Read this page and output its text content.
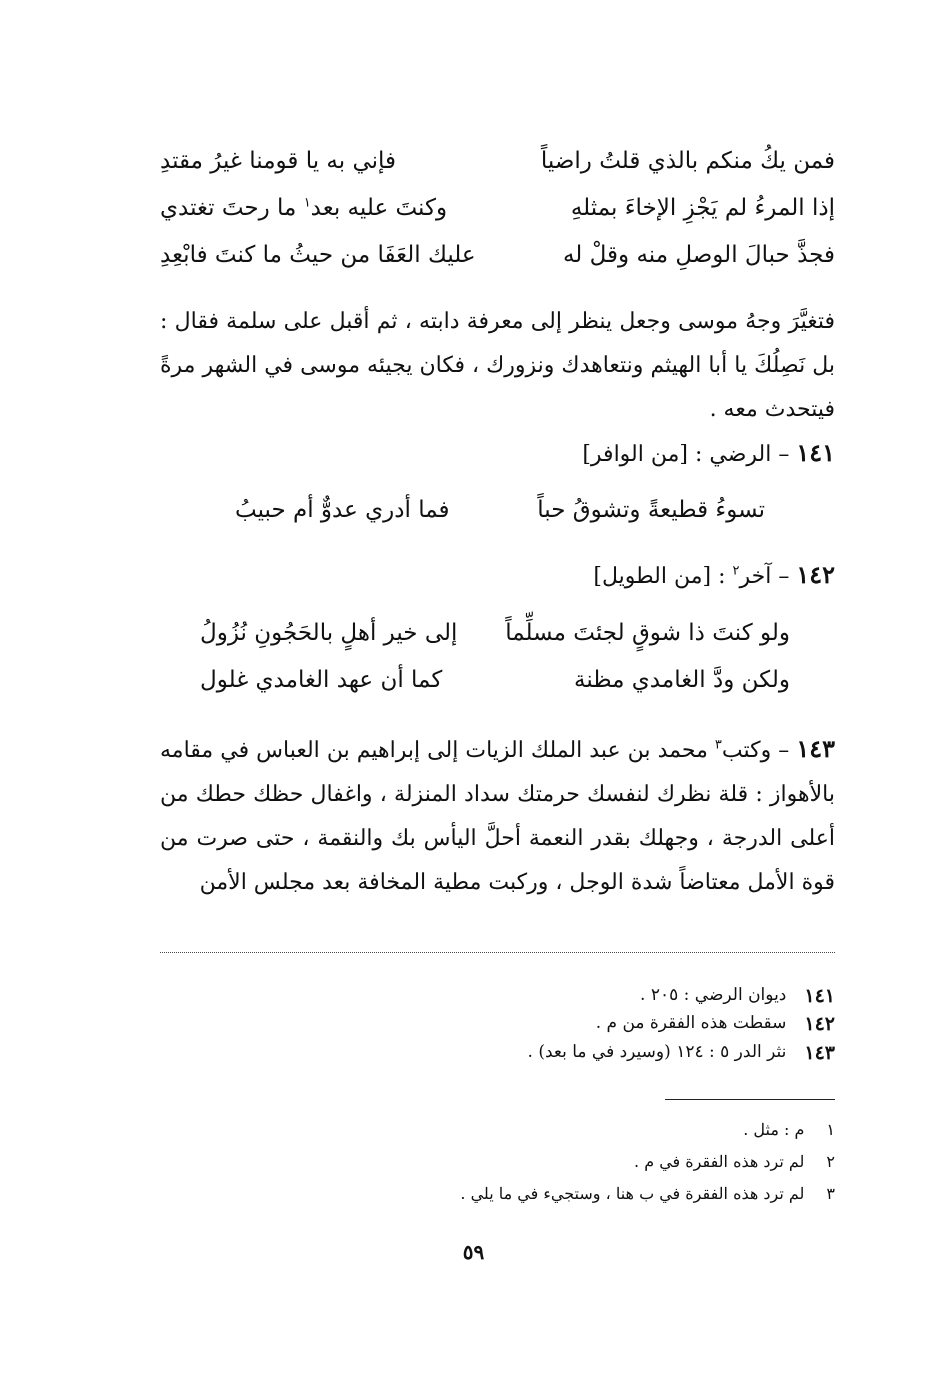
فمن يكُ منكم بالذي قلتُ راضياً
فإني به يا قومنا غيرُ مقتدِ
إذا المرءُ لم يَجْزِ الإخاءَ بمثلهِ
وكنتَ عليه بعد$^١$ ما رحتَ تغتدي
فجذَّ حبالَ الوصلِ منه وقلْ له
عليك العَفَا من حيثُ ما كنتَ فابْعِدِ
فتغيَّرَ وجهُ موسى وجعل ينظر إلى معرفة دابته ، ثم أقبل على سلمة فقال : بل نَصِلُكَ يا أبا الهيثم ونتعاهدك ونزورك ، فكان يجيئه موسى في الشهر مرةً فيتحدث معه .
١٤١ – الرضي : [من الوافر]
تسوءُ قطيعةً وتشوقُ حباً
فما أدري عدوٌّ أم حبيبُ
١٤٢ – آخر$^٢$ : [من الطويل]
ولو كنتَ ذا شوقٍ لجئتَ مسلِّماً
إلى خير أهلٍ بالحَجُونِ نُزُولُ
ولكن ودَّ الغامدي مظنة
كما أن عهد الغامدي غلول
١٤٣ – وكتب$^٣$ محمد بن عبد الملك الزيات إلى إبراهيم بن العباس في مقامه بالأهواز : قلة نظرك لنفسك حرمتك سداد المنزلة ، واغفال حظك حطك من أعلى الدرجة ، وجهلك بقدر النعمة أحلَّ اليأس بك والنقمة ، حتى صرت من قوة الأمل معتاضاً شدة الوجل ، وركبت مطية المخافة بعد مجلس الأمن
١٤١
ديوان الرضي : ٢٠٥ .
١٤٢
سقطت هذه الفقرة من م .
١٤٣
نثر الدر ٥ : ١٢٤ (وسيرد في ما بعد) .
١
م : مثل .
٢
لم ترد هذه الفقرة في م .
٣
لم ترد هذه الفقرة في ب هنا ، وستجيء في ما يلي .
٥٩
